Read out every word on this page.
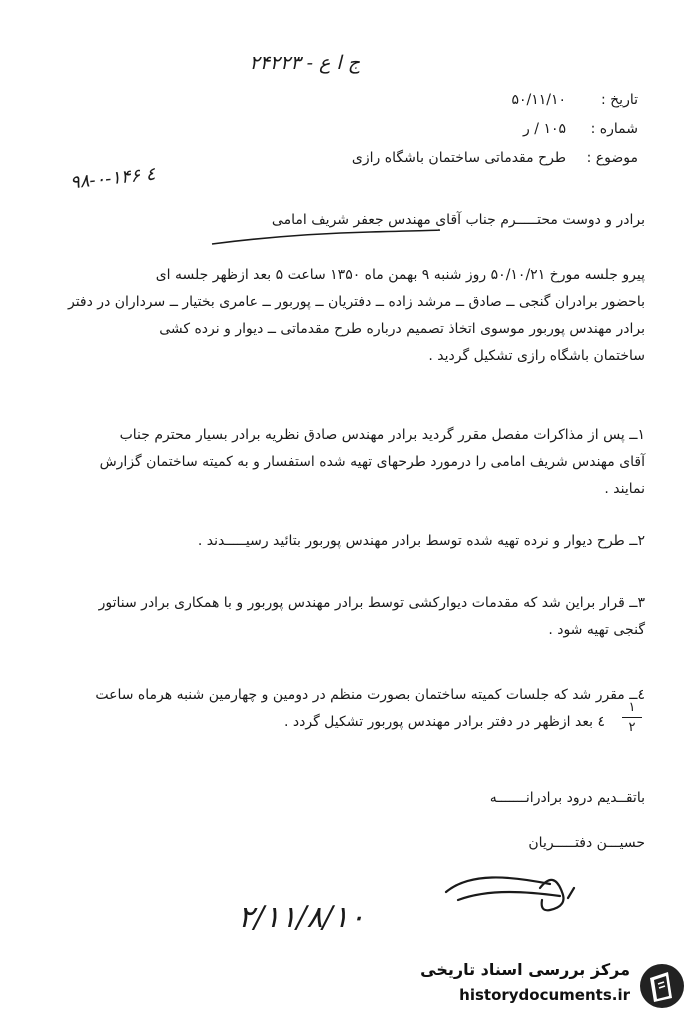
ج ا ع - ۲۴۲۲۳
تاریخ :
۵۰/۱۱/۱۰
شماره :
۱۰۵ / ر
موضوع :
طرح مقدماتی ساختمان باشگاه رازی
۹۸-۰-۱۴۶ ٤
برادر و دوست محتـــــرم جناب آقای مهندس جعفر شریف امامی
پیرو جلسه مورخ ۵۰/۱۰/۲۱ روز شنبه ۹ بهمن ماه ۱۳۵۰ ساعت ۵ بعد ازظهر جلسه ای
باحضور برادران گنجی ــ صادق ــ مرشد زاده ــ دفتریان ــ پوربور ــ عامری بختیار ــ سرداران در دفتر
برادر مهندس پوربور موسوی اتخاذ تصمیم درباره طرح مقدماتی ــ دیوار و نرده کشی
ساختمان باشگاه رازی تشکیل گردید .
۱ــ پس از مذاکرات مفصل مقرر گردید برادر مهندس صادق نظریه برادر بسیار محترم جناب
آقای مهندس شریف امامی را درمورد طرحهای تهیه شده استفسار و به کمیته ساختمان گزارش
نمایند .
۲ــ طرح دیوار و نرده تهیه شده توسط برادر مهندس پوربور بتائید رسیـــــدند .
۳ــ قرار براین شد که مقدمات دیوارکشی توسط برادر مهندس پوربور و با همکاری برادر سناتور
گنجی تهیه شود .
٤ــ مقرر شد که جلسات کمیته ساختمان بصورت منظم در دومین و چهارمین شنبه هرماه ساعت
٤ بعد ازظهر در دفتر برادر مهندس پوربور تشکیل گردد .
۱
۲
باتقــدیم درود برادرانـــــــه
حسیـــن دفتـــــریان
۲/۱۱/۸/۱۰
مرکز بررسی اسناد تاریخی
historydocuments.ir
